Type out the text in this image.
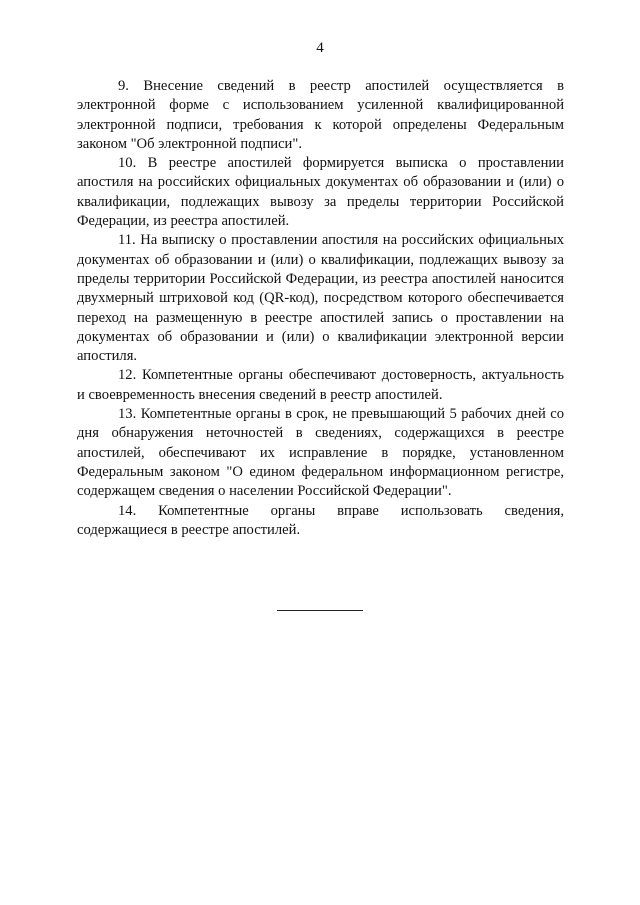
4

9. Внесение сведений в реестр апостилей осуществляется в электронной форме с использованием усиленной квалифицированной электронной подписи, требования к которой определены Федеральным законом "Об электронной подписи".

10. В реестре апостилей формируется выписка о проставлении апостиля на российских официальных документах об образовании и (или) о квалификации, подлежащих вывозу за пределы территории Российской Федерации, из реестра апостилей.

11. На выписку о проставлении апостиля на российских официальных документах об образовании и (или) о квалификации, подлежащих вывозу за пределы территории Российской Федерации, из реестра апостилей наносится двухмерный штриховой код (QR-код), посредством которого обеспечивается переход на размещенную в реестре апостилей запись о проставлении на документах об образовании и (или) о квалификации электронной версии апостиля.

12. Компетентные органы обеспечивают достоверность, актуальность и своевременность внесения сведений в реестр апостилей.

13. Компетентные органы в срок, не превышающий 5 рабочих дней со дня обнаружения неточностей в сведениях, содержащихся в реестре апостилей, обеспечивают их исправление в порядке, установленном Федеральным законом "О едином федеральном информационном регистре, содержащем сведения о населении Российской Федерации".

14. Компетентные органы вправе использовать сведения, содержащиеся в реестре апостилей.
